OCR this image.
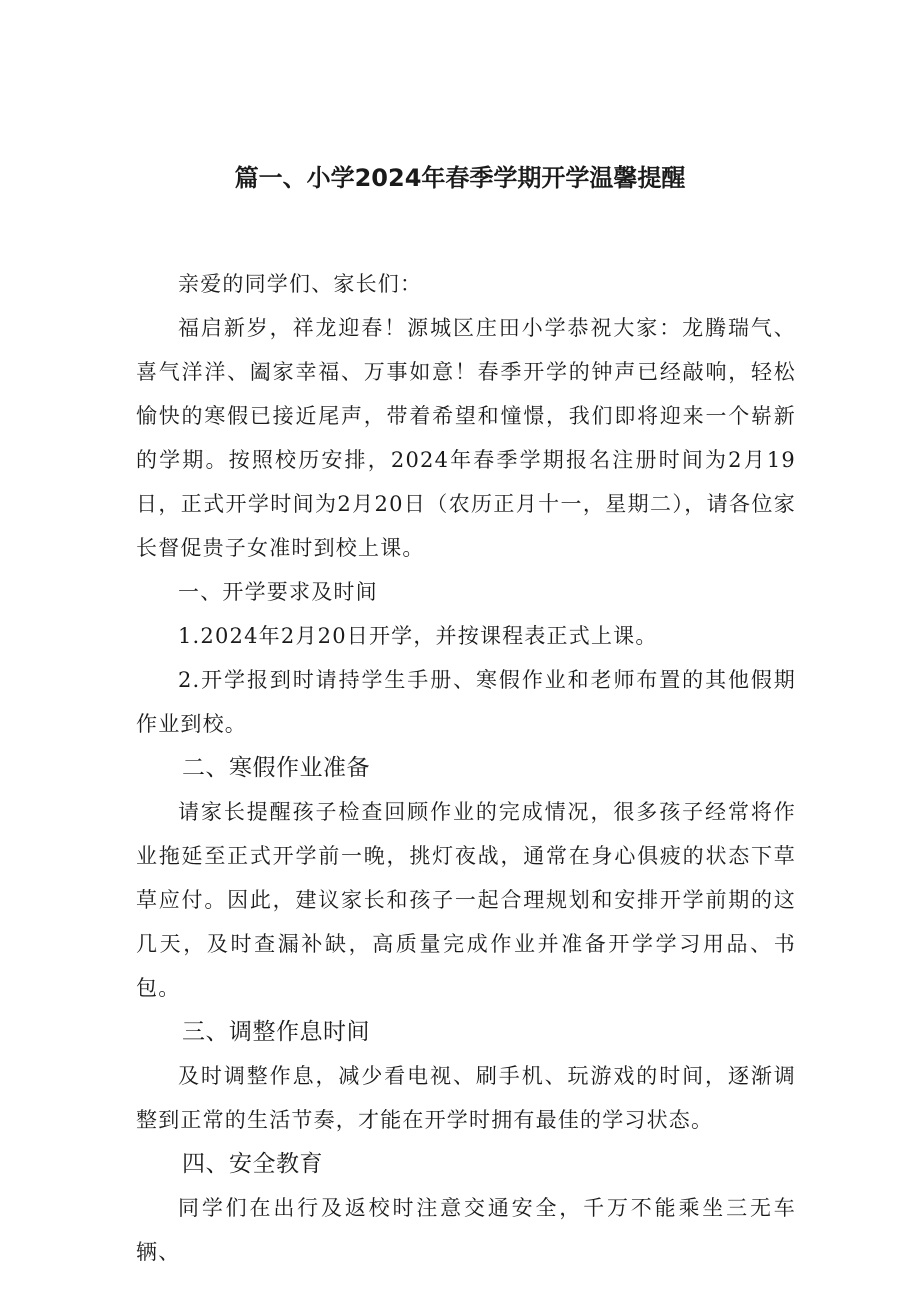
篇一、小学2024年春季学期开学温馨提醒

亲爱的同学们、家长们：

福启新岁，祥龙迎春！源城区庄田小学恭祝大家：龙腾瑞气、喜气洋洋、阖家幸福、万事如意！春季开学的钟声已经敲响，轻松愉快的寒假已接近尾声，带着希望和憧憬，我们即将迎来一个崭新的学期。按照校历安排，2024年春季学期报名注册时间为2月19日，正式开学时间为2月20日（农历正月十一，星期二），请各位家长督促贵子女准时到校上课。

一、开学要求及时间

1.2024年2月20日开学，并按课程表正式上课。

2.开学报到时请持学生手册、寒假作业和老师布置的其他假期作业到校。

二、寒假作业准备

请家长提醒孩子检查回顾作业的完成情况，很多孩子经常将作业拖延至正式开学前一晚，挑灯夜战，通常在身心俱疲的状态下草草应付。因此，建议家长和孩子一起合理规划和安排开学前期的这几天，及时查漏补缺，高质量完成作业并准备开学学习用品、书包。

三、调整作息时间

及时调整作息，减少看电视、刷手机、玩游戏的时间，逐渐调整到正常的生活节奏，才能在开学时拥有最佳的学习状态。

四、安全教育

同学们在出行及返校时注意交通安全，千万不能乘坐三无车辆、
